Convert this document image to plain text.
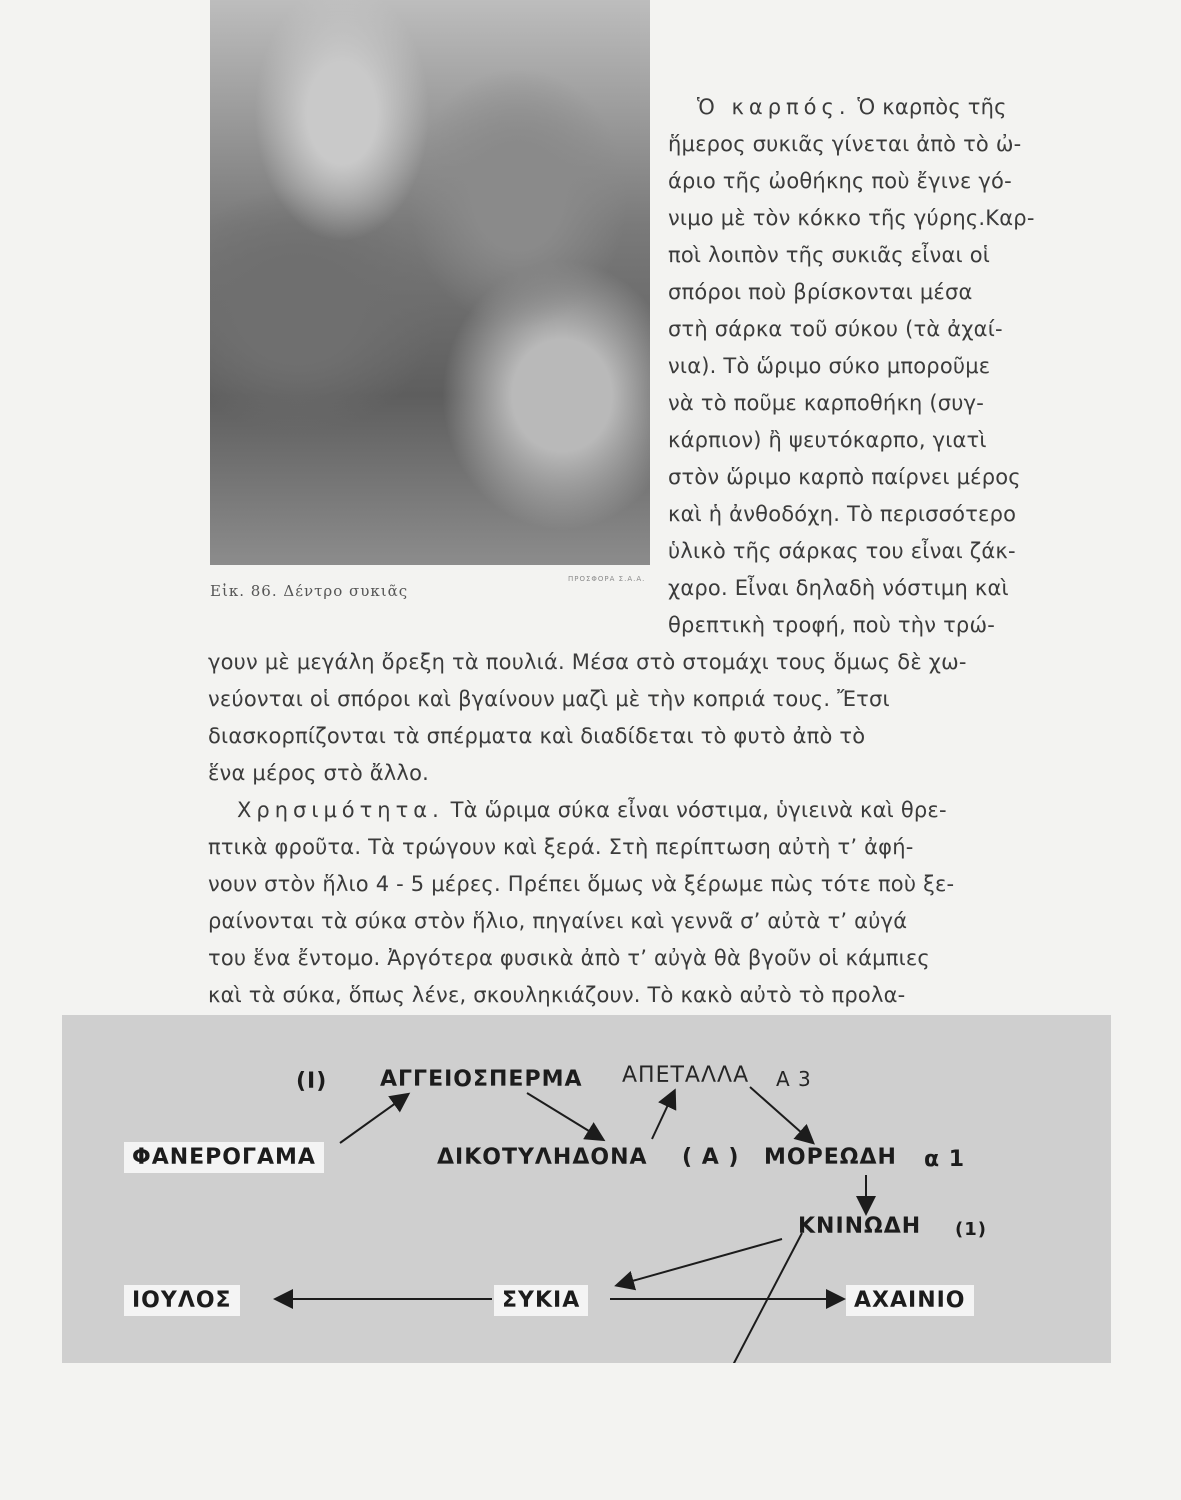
ΠΡΟΣΦΟΡΑ Σ.Α.Α.
Εἰκ. 86. Δέντρο συκιᾶς
Ὁ καρπός. Ὁ καρπὸς τῆς
ἥμερος συκιᾶς γίνεται ἀπὸ τὸ ὠ-
άριο τῆς ὠοθήκης ποὺ ἔγινε γό-
νιμο μὲ τὸν κόκκο τῆς γύρης.Καρ-
ποὶ λοιπὸν τῆς συκιᾶς εἶναι οἱ
σπόροι ποὺ βρίσκονται μέσα
στὴ σάρκα τοῦ σύκου (τὰ ἀχαί-
νια). Τὸ ὥριμο σύκο μποροῦμε
νὰ τὸ ποῦμε καρποθήκη (συγ-
κάρπιον) ἢ ψευτόκαρπο, γιατὶ
στὸν ὥριμο καρπὸ παίρνει μέρος
καὶ ἡ ἀνθοδόχη. Τὸ περισσότερο
ὑλικὸ τῆς σάρκας του εἶναι ζάκ-
χαρο. Εἶναι δηλαδὴ νόστιμη καὶ
θρεπτικὴ τροφή, ποὺ τὴν τρώ-
γουν μὲ μεγάλη ὄρεξη τὰ πουλιά. Μέσα στὸ στομάχι τους ὅμως δὲ χω-
νεύονται οἱ σπόροι καὶ βγαίνουν μαζὶ μὲ τὴν κοπριά τους. Ἔτσι
διασκορπίζονται τὰ σπέρματα καὶ διαδίδεται τὸ φυτὸ ἀπὸ τὸ
ἕνα μέρος στὸ ἄλλο.
Χρησιμότητα. Τὰ ὥριμα σύκα εἶναι νόστιμα, ὑγιεινὰ καὶ θρε-
πτικὰ φροῦτα. Τὰ τρώγουν καὶ ξερά. Στὴ περίπτωση αὐτὴ τ’ ἀφή-
νουν στὸν ἥλιο 4 - 5 μέρες. Πρέπει ὅμως νὰ ξέρωμε πὼς τότε ποὺ ξε-
ραίνονται τὰ σύκα στὸν ἥλιο, πηγαίνει καὶ γεννᾶ σ’ αὐτὰ τ’ αὐγά
του ἕνα ἔντομο. Ἀργότερα φυσικὰ ἀπὸ τ’ αὐγὰ θὰ βγοῦν οἱ κάμπιες
καὶ τὰ σύκα, ὅπως λένε, σκουληκιάζουν. Τὸ κακὸ αὐτὸ τὸ προλα-
(Ι) ΑΓΓΕΙΟΣΠΕΡΜΑ ΑΠΕΤΑΛΛΑ Α 3
ΦΑΝΕΡΟΓΑΜΑ	ΔΙΚΟΤΥΛΗΔΟΝΑ ( Α ) ΜΟΡΕΩΔΗ α 1
ΚΝΙΝΩΔΗ (1)
ΙΟΥΛΟΣ	ΣΥΚΙΑ	ΑΧΑΙΝΙΟ
